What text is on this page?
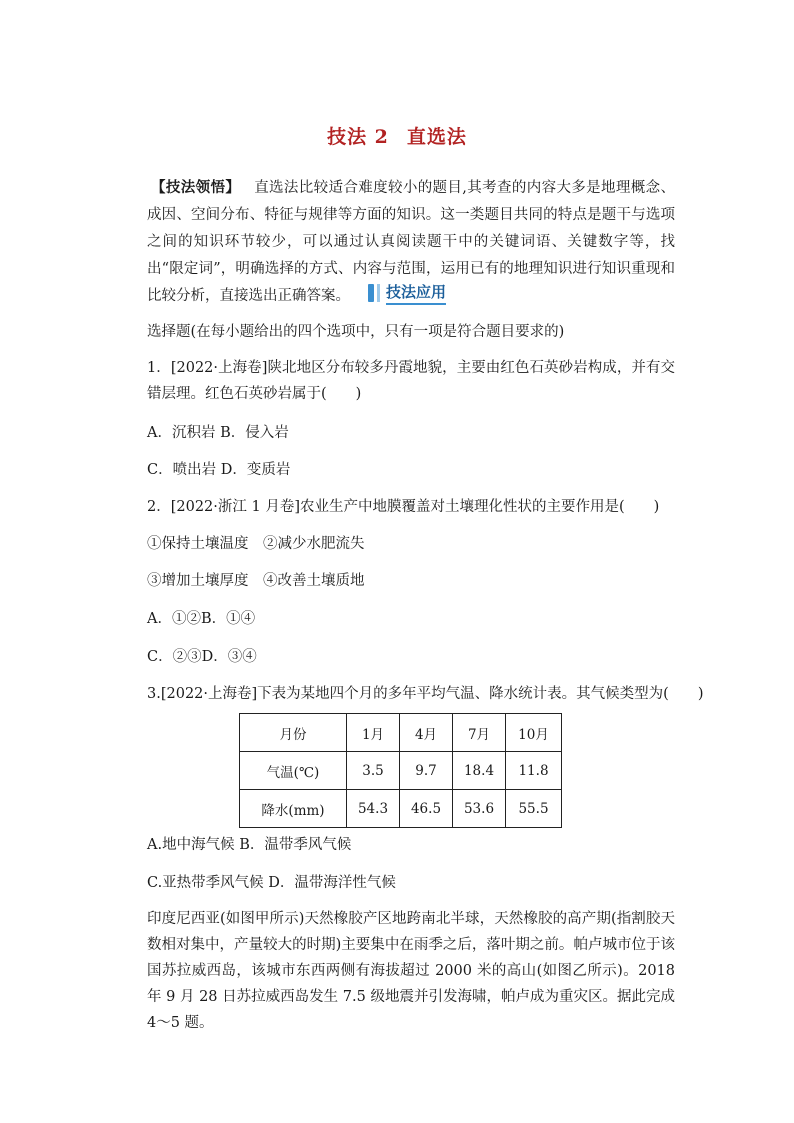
技法 2 直选法
【技法领悟】 直选法比较适合难度较小的题目,其考查的内容大多是地理概念、成因、空间分布、特征与规律等方面的知识。这一类题目共同的特点是题干与选项之间的知识环节较少，可以通过认真阅读题干中的关键词语、关键数字等，找出“限定词”，明确选择的方式、内容与范围，运用已有的地理知识进行知识重现和比较分析，直接选出正确答案。	技法应用
选择题(在每小题给出的四个选项中，只有一项是符合题目要求的)
1．[2022·上海卷]陕北地区分布较多丹霞地貌，主要由红色石英砂岩构成，并有交错层理。红色石英砂岩属于(　　)
A．沉积岩 B．侵入岩
C．喷出岩 D．变质岩
2．[2022·浙江 1 月卷]农业生产中地膜覆盖对土壤理化性状的主要作用是(　　)
①保持土壤温度　②减少水肥流失
③增加土壤厚度　④改善土壤质地
A．①②B．①④
C．②③D．③④
3.[2022·上海卷]下表为某地四个月的多年平均气温、降水统计表。其气候类型为(　　)
月份	1月	4月	7月	10月
气温(℃)	3.5	9.7	18.4	11.8
降水(mm)	54.3	46.5	53.6	55.5
A.地中海气候 B．温带季风气候
C.亚热带季风气候 D．温带海洋性气候
印度尼西亚(如图甲所示)天然橡胶产区地跨南北半球，天然橡胶的高产期(指割胶天数相对集中，产量较大的时期)主要集中在雨季之后，落叶期之前。帕卢城市位于该国苏拉威西岛，该城市东西两侧有海拔超过 2000 米的高山(如图乙所示)。2018 年 9 月 28 日苏拉威西岛发生 7.5 级地震并引发海啸，帕卢成为重灾区。据此完成 4～5 题。
